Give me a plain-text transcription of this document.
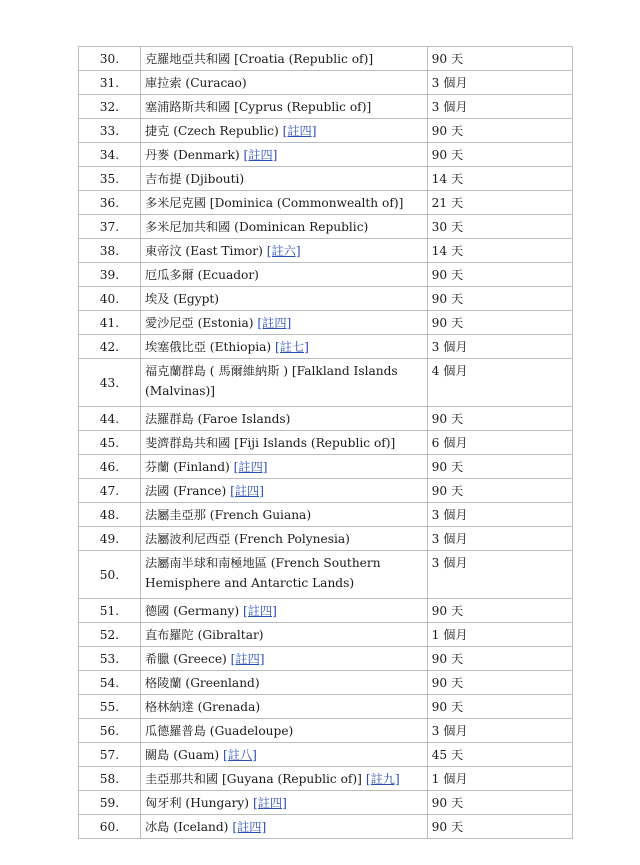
30.	克羅地亞共和國 [Croatia (Republic of)]	90 天
31.	庫拉索 (Curacao)	3 個月
32.	塞浦路斯共和國 [Cyprus (Republic of)]	3 個月
33.	捷克 (Czech Republic) [註四]	90 天
34.	丹麥 (Denmark) [註四]	90 天
35.	吉布提 (Djibouti)	14 天
36.	多米尼克國 [Dominica (Commonwealth of)]	21 天
37.	多米尼加共和國 (Dominican Republic)	30 天
38.	東帝汶 (East Timor) [註六]	14 天
39.	厄瓜多爾 (Ecuador)	90 天
40.	埃及 (Egypt)	90 天
41.	愛沙尼亞 (Estonia) [註四]	90 天
42.	埃塞俄比亞 (Ethiopia) [註七]	3 個月
43.	福克蘭群島 ( 馬爾維納斯 ) [Falkland Islands (Malvinas)]	4 個月
44.	法羅群島 (Faroe Islands)	90 天
45.	斐濟群島共和國 [Fiji Islands (Republic of)]	6 個月
46.	芬蘭 (Finland) [註四]	90 天
47.	法國 (France) [註四]	90 天
48.	法屬圭亞那 (French Guiana)	3 個月
49.	法屬波利尼西亞 (French Polynesia)	3 個月
50.	法屬南半球和南極地區 (French Southern Hemisphere and Antarctic Lands)	3 個月
51.	德國 (Germany) [註四]	90 天
52.	直布羅陀 (Gibraltar)	1 個月
53.	希臘 (Greece) [註四]	90 天
54.	格陵蘭 (Greenland)	90 天
55.	格林納達 (Grenada)	90 天
56.	瓜德羅普島 (Guadeloupe)	3 個月
57.	關島 (Guam) [註八]	45 天
58.	圭亞那共和國 [Guyana (Republic of)] [註九]	1 個月
59.	匈牙利 (Hungary) [註四]	90 天
60.	冰島 (Iceland) [註四]	90 天
